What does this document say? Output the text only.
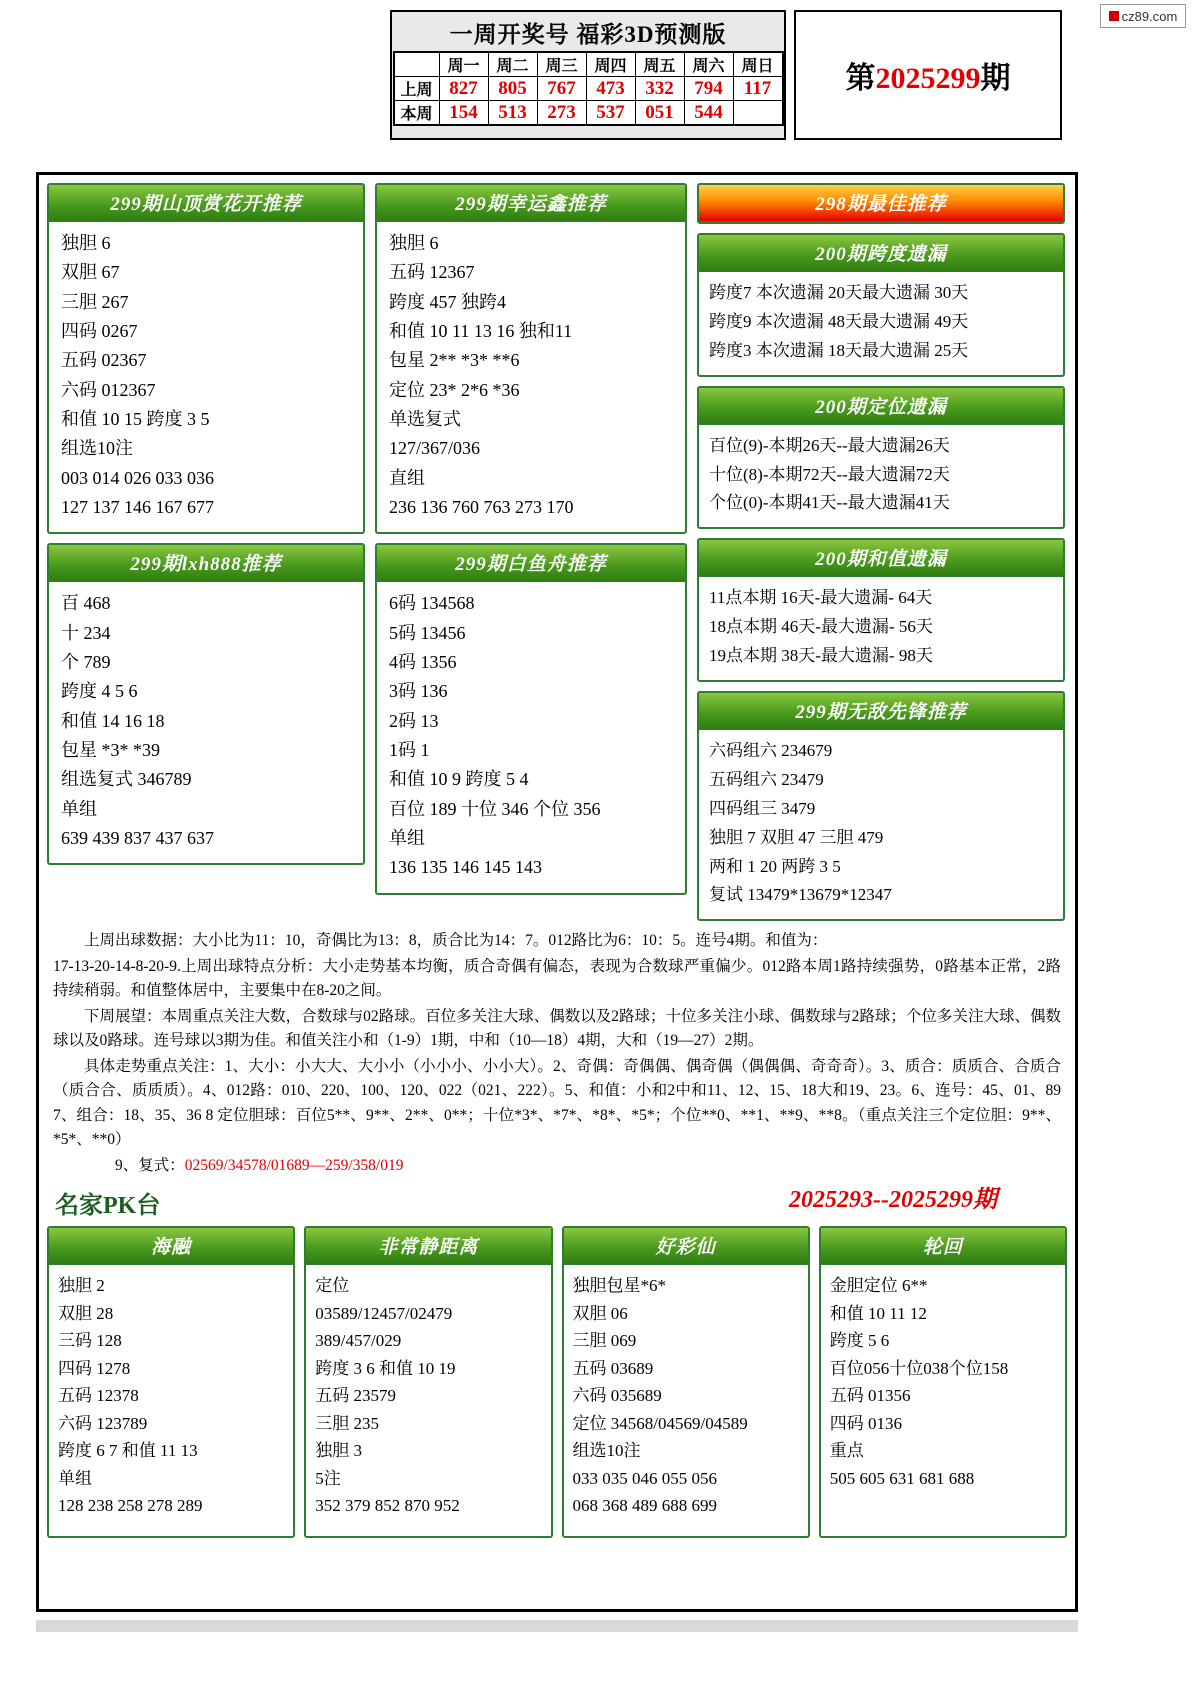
cz89.com
一周开奖号 福彩3D预测版
	周一	周二	周三	周四	周五	周六	周日
上周	827	805	767	473	332	794	117
本周	154	513	273	537	051	544	
第2025299期
299期山顶赏花开推荐
独胆 6
双胆 67
三胆 267
四码 0267
五码 02367
六码 012367
和值 10 15 跨度 3 5
组选10注
003 014 026 033 036
127 137 146 167 677
299期lxh888推荐
百 468
十 234
个 789
跨度 4 5 6
和值 14 16 18
包星 *3* *39
组选复式 346789
单组
639 439 837 437 637
299期幸运鑫推荐
独胆 6
五码 12367
跨度 457 独跨4
和值 10 11 13 16 独和11
包星 2** *3* **6
定位 23* 2*6 *36
单选复式
127/367/036
直组
236 136 760 763 273 170
299期白鱼舟推荐
6码 134568
5码 13456
4码 1356
3码 136
2码 13
1码 1
和值 10 9 跨度 5 4
百位 189 十位 346 个位 356
单组
136 135 146 145 143
298期最佳推荐
200期跨度遗漏
跨度7 本次遗漏 20天最大遗漏 30天
跨度9 本次遗漏 48天最大遗漏 49天
跨度3 本次遗漏 18天最大遗漏 25天
200期定位遗漏
百位(9)-本期26天--最大遗漏26天
十位(8)-本期72天--最大遗漏72天
个位(0)-本期41天--最大遗漏41天
200期和值遗漏
11点本期 16天-最大遗漏- 64天
18点本期 46天-最大遗漏- 56天
19点本期 38天-最大遗漏- 98天
299期无敌先锋推荐
六码组六 234679
五码组六 23479
四码组三 3479
独胆 7 双胆 47 三胆 479
两和 1 20 两跨 3 5
复试 13479*13679*12347

上周出球数据：大小比为11：10，奇偶比为13：8，质合比为14：7。012路比为6：10：5。连号4期。和值为：

17-13-20-14-8-20-9.上周出球特点分析：大小走势基本均衡，质合奇偶有偏态，表现为合数球严重偏少。012路本周1路持续强势，0路基本正常，2路持续稍弱。和值整体居中，主要集中在8-20之间。

下周展望：本周重点关注大数，合数球与02路球。百位多关注大球、偶数以及2路球；十位多关注小球、偶数球与2路球；个位多关注大球、偶数球以及0路球。连号球以3期为佳。和值关注小和（1-9）1期，中和（10—18）4期，大和（19—27）2期。

具体走势重点关注：1、大小：小大大、大小小（小小小、小小大）。2、奇偶：奇偶偶、偶奇偶（偶偶偶、奇奇奇）。3、质合：质质合、合质合（质合合、质质质）。4、012路：010、220、100、120、022（021、222）。5、和值：小和2中和11、12、15、18大和19、23。6、连号：45、01、89 7、组合：18、35、36 8 定位胆球：百位5**、9**、2**、0**；十位*3*、*7*、*8*、*5*；个位**0、**1、**9、**8。（重点关注三个定位胆：9**、*5*、**0）

9、复式：02569/34578/01689—259/358/019

名家PK台	2025293--2025299期
海融
独胆 2
双胆 28
三码 128
四码 1278
五码 12378
六码 123789
跨度 6 7 和值 11 13
单组
128 238 258 278 289
非常静距离
定位
03589/12457/02479
389/457/029
跨度 3 6 和值 10 19
五码 23579
三胆 235
独胆 3
5注
352 379 852 870 952
好彩仙
独胆包星*6*
双胆 06
三胆 069
五码 03689
六码 035689
定位 34568/04569/04589
组选10注
033 035 046 055 056
068 368 489 688 699
轮回
金胆定位 6**
和值 10 11 12
跨度 5 6
百位056十位038个位158
五码 01356
四码 0136
重点
505 605 631 681 688
